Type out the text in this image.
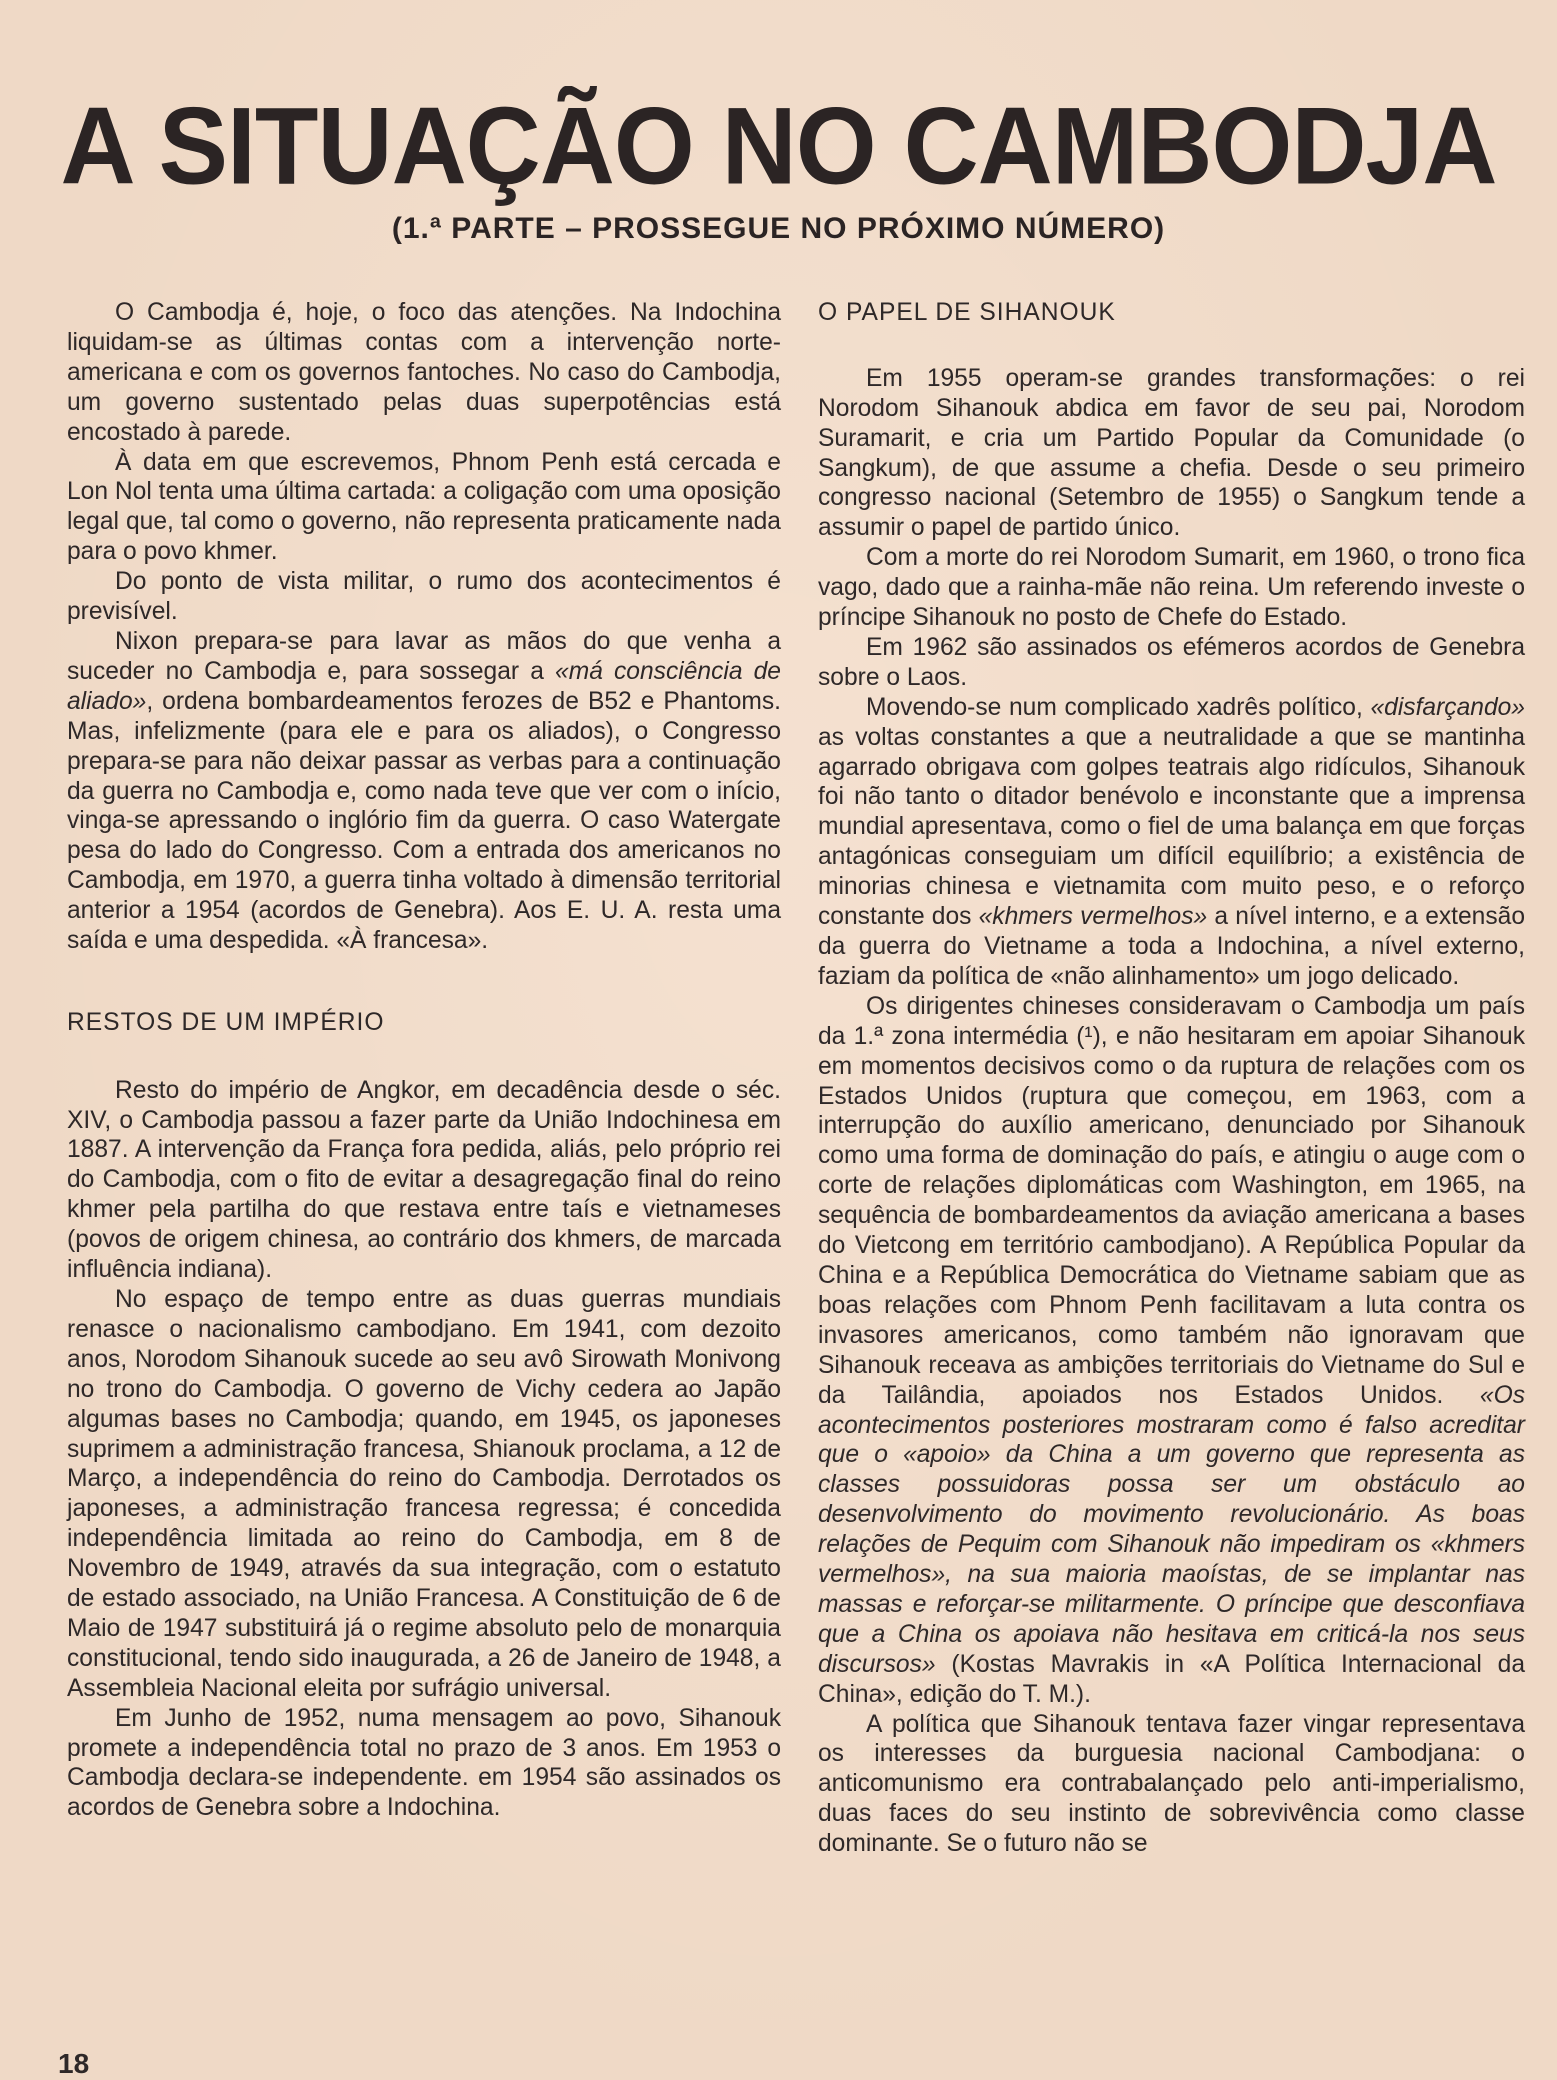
A SITUAÇÃO NO CAMBODJA
(1.ª PARTE – PROSSEGUE NO PRÓXIMO NÚMERO)

O Cambodja é, hoje, o foco das atenções. Na Indochina liquidam-se as últimas contas com a intervenção norte-americana e com os governos fantoches. No caso do Cambodja, um governo sustentado pelas duas superpotências está encostado à parede.

À data em que escrevemos, Phnom Penh está cercada e Lon Nol tenta uma última cartada: a coligação com uma oposição legal que, tal como o governo, não representa praticamente nada para o povo khmer.

Do ponto de vista militar, o rumo dos acontecimentos é previsível.

Nixon prepara-se para lavar as mãos do que venha a suceder no Cambodja e, para sossegar a «má consciência de aliado», ordena bombardeamentos ferozes de B52 e Phantoms. Mas, infelizmente (para ele e para os aliados), o Congresso prepara-se para não deixar passar as verbas para a continuação da guerra no Cambodja e, como nada teve que ver com o início, vinga-se apressando o inglório fim da guerra. O caso Watergate pesa do lado do Congresso. Com a entrada dos americanos no Cambodja, em 1970, a guerra tinha voltado à dimensão territorial anterior a 1954 (acordos de Genebra). Aos E. U. A. resta uma saída e uma despedida. «À francesa».

RESTOS DE UM IMPÉRIO

Resto do império de Angkor, em decadência desde o séc. XIV, o Cambodja passou a fazer parte da União Indochinesa em 1887. A intervenção da França fora pedida, aliás, pelo próprio rei do Cambodja, com o fito de evitar a desagregação final do reino khmer pela partilha do que restava entre taís e vietnameses (povos de origem chinesa, ao contrário dos khmers, de marcada influência indiana).

No espaço de tempo entre as duas guerras mundiais renasce o nacionalismo cambodjano. Em 1941, com dezoito anos, Norodom Sihanouk sucede ao seu avô Sirowath Monivong no trono do Cambodja. O governo de Vichy cedera ao Japão algumas bases no Cambodja; quando, em 1945, os japoneses suprimem a administração francesa, Shianouk proclama, a 12 de Março, a independência do reino do Cambodja. Derrotados os japoneses, a administração francesa regressa; é concedida independência limitada ao reino do Cambodja, em 8 de Novembro de 1949, através da sua integração, com o estatuto de estado associado, na União Francesa. A Constituição de 6 de Maio de 1947 substituirá já o regime absoluto pelo de monarquia constitucional, tendo sido inaugurada, a 26 de Janeiro de 1948, a Assembleia Nacional eleita por sufrágio universal.

Em Junho de 1952, numa mensagem ao povo, Sihanouk promete a independência total no prazo de 3 anos. Em 1953 o Cambodja declara-se independente. em 1954 são assinados os acordos de Genebra sobre a Indochina.

O PAPEL DE SIHANOUK

Em 1955 operam-se grandes transformações: o rei Norodom Sihanouk abdica em favor de seu pai, Norodom Suramarit, e cria um Partido Popular da Comunidade (o Sangkum), de que assume a chefia. Desde o seu primeiro congresso nacional (Setembro de 1955) o Sangkum tende a assumir o papel de partido único.

Com a morte do rei Norodom Sumarit, em 1960, o trono fica vago, dado que a rainha-mãe não reina. Um referendo investe o príncipe Sihanouk no posto de Chefe do Estado.

Em 1962 são assinados os efémeros acordos de Genebra sobre o Laos.

Movendo-se num complicado xadrês político, «disfarçando» as voltas constantes a que a neutralidade a que se mantinha agarrado obrigava com golpes teatrais algo ridículos, Sihanouk foi não tanto o ditador benévolo e inconstante que a imprensa mundial apresentava, como o fiel de uma balança em que forças antagónicas conseguiam um difícil equilíbrio; a existência de minorias chinesa e vietnamita com muito peso, e o reforço constante dos «khmers vermelhos» a nível interno, e a extensão da guerra do Vietname a toda a Indochina, a nível externo, faziam da política de «não alinhamento» um jogo delicado.

Os dirigentes chineses consideravam o Cambodja um país da 1.ª zona intermédia (¹), e não hesitaram em apoiar Sihanouk em momentos decisivos como o da ruptura de relações com os Estados Unidos (ruptura que começou, em 1963, com a interrupção do auxílio americano, denunciado por Sihanouk como uma forma de dominação do país, e atingiu o auge com o corte de relações diplomáticas com Washington, em 1965, na sequência de bombardeamentos da aviação americana a bases do Vietcong em território cambodjano). A República Popular da China e a República Democrática do Vietname sabiam que as boas relações com Phnom Penh facilitavam a luta contra os invasores americanos, como também não ignoravam que Sihanouk receava as ambições territoriais do Vietname do Sul e da Tailândia, apoiados nos Estados Unidos. «Os acontecimentos posteriores mostraram como é falso acreditar que o «apoio» da China a um governo que representa as classes possuidoras possa ser um obstáculo ao desenvolvimento do movimento revolucionário. As boas relações de Pequim com Sihanouk não impediram os «khmers vermelhos», na sua maioria maoístas, de se implantar nas massas e reforçar-se militarmente. O príncipe que desconfiava que a China os apoiava não hesitava em criticá-la nos seus discursos» (Kostas Mavrakis in «A Política Internacional da China», edição do T. M.).

A política que Sihanouk tentava fazer vingar representava os interesses da burguesia nacional Cambodjana: o anticomunismo era contrabalançado pelo anti-imperialismo, duas faces do seu instinto de sobrevivência como classe dominante. Se o futuro não se

18
